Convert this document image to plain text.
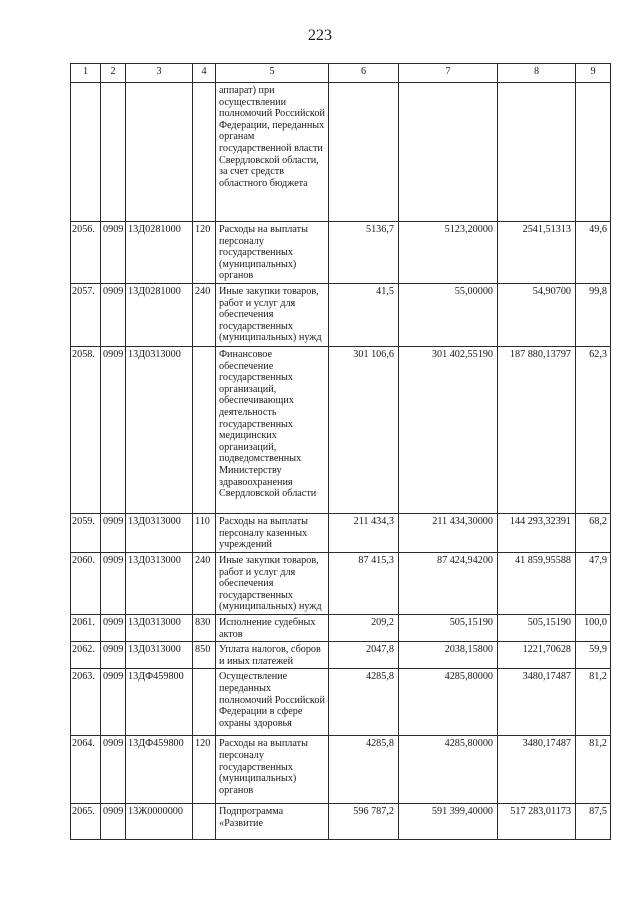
223
1	2	3	4	5	6	7	8	9
				аппарат) при осуществлении полномочий Российской Федерации, переданных органам государственной власти Свердловской области, за счет средств областного бюджета				
2056.	0909	13Д0281000	120	Расходы на выплаты персоналу государственных (муниципальных) органов	5136,7	5123,20000	2541,51313	49,6
2057.	0909	13Д0281000	240	Иные закупки товаров, работ и услуг для обеспечения государственных (муниципальных) нужд	41,5	55,00000	54,90700	99,8
2058.	0909	13Д0313000		Финансовое обеспечение государственных организаций, обеспечивающих деятельность государственных медицинских организаций, подведомственных Министерству здравоохранения Свердловской области	301 106,6	301 402,55190	187 880,13797	62,3
2059.	0909	13Д0313000	110	Расходы на выплаты персоналу казенных учреждений	211 434,3	211 434,30000	144 293,32391	68,2
2060.	0909	13Д0313000	240	Иные закупки товаров, работ и услуг для обеспечения государственных (муниципальных) нужд	87 415,3	87 424,94200	41 859,95588	47,9
2061.	0909	13Д0313000	830	Исполнение судебных актов	209,2	505,15190	505,15190	100,0
2062.	0909	13Д0313000	850	Уплата налогов, сборов и иных платежей	2047,8	2038,15800	1221,70628	59,9
2063.	0909	13ДФ459800		Осуществление переданных полномочий Российской Федерации в сфере охраны здоровья	4285,8	4285,80000	3480,17487	81,2
2064.	0909	13ДФ459800	120	Расходы на выплаты персоналу государственных (муниципальных) органов	4285,8	4285,80000	3480,17487	81,2
2065.	0909	13Ж0000000		Подпрограмма «Развитие	596 787,2	591 399,40000	517 283,01173	87,5
